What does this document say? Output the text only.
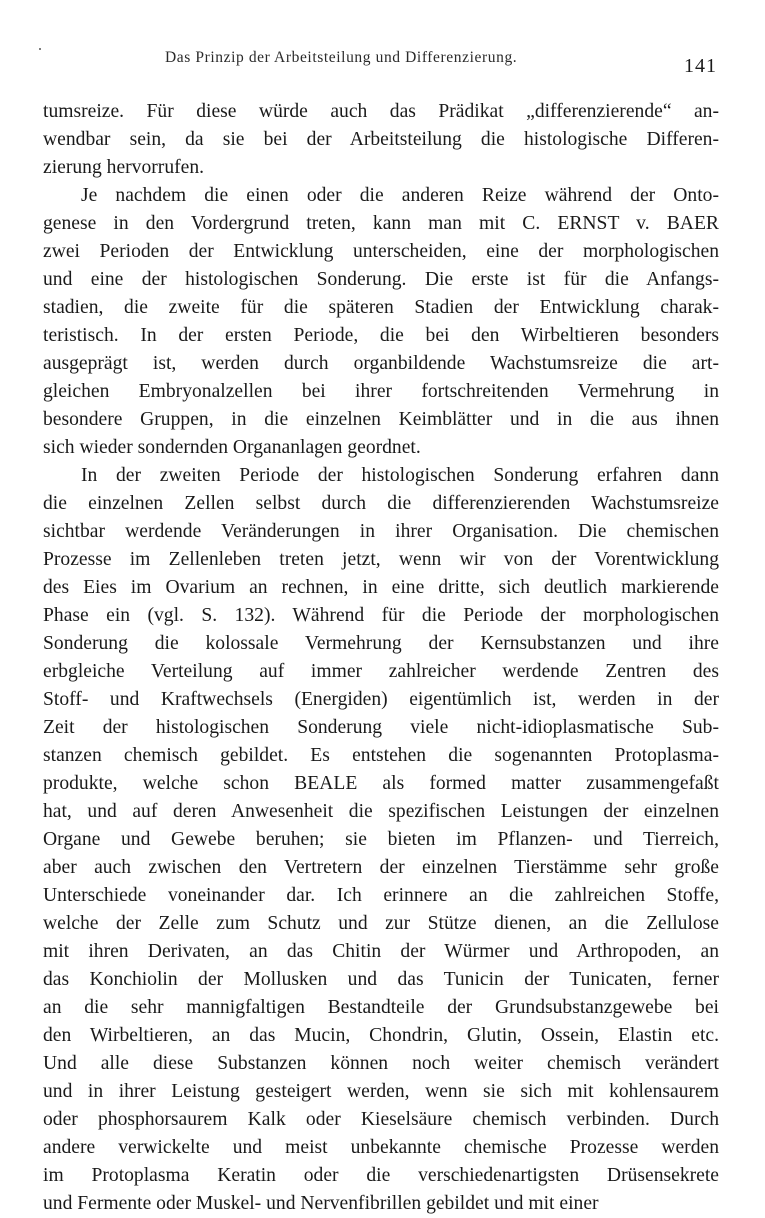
Das Prinzip der Arbeitsteilung und Differenzierung.	141
tumsreize. Für diese würde auch das Prädikat „differenzierende“ an-
wendbar sein, da sie bei der Arbeitsteilung die histologische Differen-
zierung hervorrufen.
Je nachdem die einen oder die anderen Reize während der Onto-
genese in den Vordergrund treten, kann man mit C. ERNST v. BAER
zwei Perioden der Entwicklung unterscheiden, eine der morphologischen
und eine der histologischen Sonderung. Die erste ist für die Anfangs-
stadien, die zweite für die späteren Stadien der Entwicklung charak-
teristisch. In der ersten Periode, die bei den Wirbeltieren besonders
ausgeprägt ist, werden durch organbildende Wachstumsreize die art-
gleichen Embryonalzellen bei ihrer fortschreitenden Vermehrung in
besondere Gruppen, in die einzelnen Keimblätter und in die aus ihnen
sich wieder sondernden Organanlagen geordnet.
In der zweiten Periode der histologischen Sonderung erfahren dann
die einzelnen Zellen selbst durch die differenzierenden Wachstumsreize
sichtbar werdende Veränderungen in ihrer Organisation. Die chemischen
Prozesse im Zellenleben treten jetzt, wenn wir von der Vorentwicklung
des Eies im Ovarium an rechnen, in eine dritte, sich deutlich markierende
Phase ein (vgl. S. 132). Während für die Periode der morphologischen
Sonderung die kolossale Vermehrung der Kernsubstanzen und ihre
erbgleiche Verteilung auf immer zahlreicher werdende Zentren des
Stoff- und Kraftwechsels (Energiden) eigentümlich ist, werden in der
Zeit der histologischen Sonderung viele nicht-idioplasmatische Sub-
stanzen chemisch gebildet. Es entstehen die sogenannten Protoplasma-
produkte, welche schon BEALE als formed matter zusammengefaßt
hat, und auf deren Anwesenheit die spezifischen Leistungen der einzelnen
Organe und Gewebe beruhen; sie bieten im Pflanzen- und Tierreich,
aber auch zwischen den Vertretern der einzelnen Tierstämme sehr große
Unterschiede voneinander dar. Ich erinnere an die zahlreichen Stoffe,
welche der Zelle zum Schutz und zur Stütze dienen, an die Zellulose
mit ihren Derivaten, an das Chitin der Würmer und Arthropoden, an
das Konchiolin der Mollusken und das Tunicin der Tunicaten, ferner
an die sehr mannigfaltigen Bestandteile der Grundsubstanzgewebe bei
den Wirbeltieren, an das Mucin, Chondrin, Glutin, Ossein, Elastin etc.
Und alle diese Substanzen können noch weiter chemisch verändert
und in ihrer Leistung gesteigert werden, wenn sie sich mit kohlensaurem
oder phosphorsaurem Kalk oder Kieselsäure chemisch verbinden. Durch
andere verwickelte und meist unbekannte chemische Prozesse werden
im Protoplasma Keratin oder die verschiedenartigsten Drüsensekrete
und Fermente oder Muskel- und Nervenfibrillen gebildet und mit einer
